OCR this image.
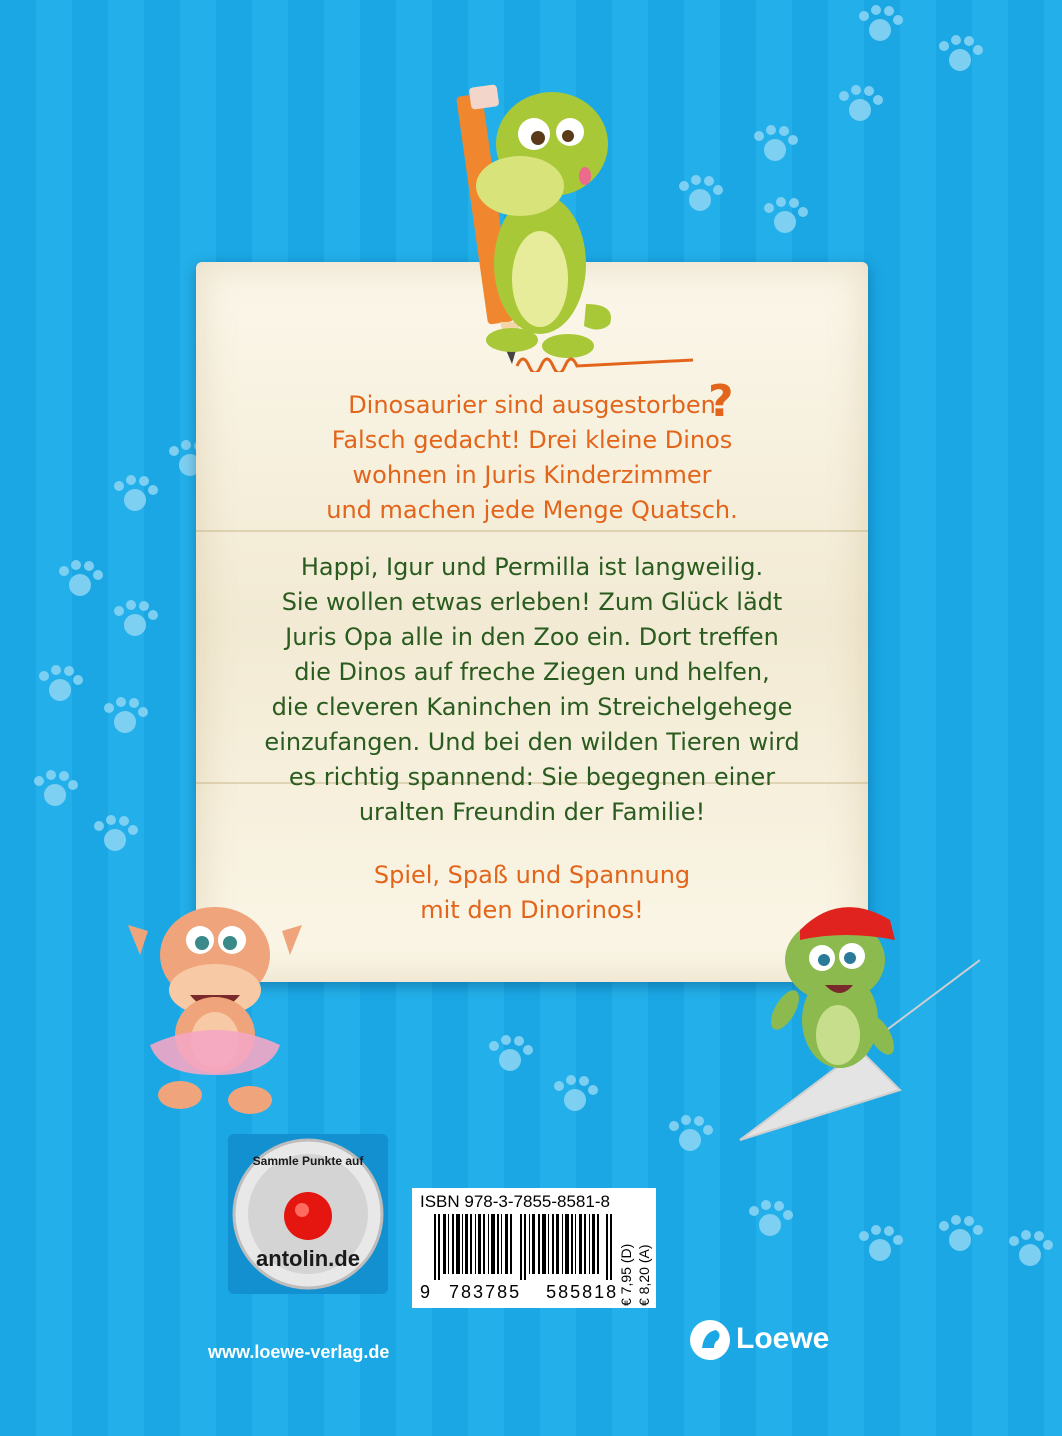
Dinosaurier sind ausgestorben
?
Falsch gedacht! Drei kleine Dinos
wohnen in Juris Kinderzimmer
und machen jede Menge Quatsch.
Happi, Igur und Permilla ist langweilig.
Sie wollen etwas erleben! Zum Glück lädt
Juris Opa alle in den Zoo ein. Dort treffen
die Dinos auf freche Ziegen und helfen,
die cleveren Kaninchen im Streichelgehege
einzufangen. Und bei den wilden Tieren wird
es richtig spannend: Sie begegnen einer
uralten Freundin der Familie!
Spiel, Spaß und Spannung
mit den Dinorinos!
Sammle Punkte auf
antolin.de
ISBN 978-3-7855-8581-8
9 783785 585818 € 7,95 (D) € 8,20 (A)
www.loewe-verlag.de	Loewe
